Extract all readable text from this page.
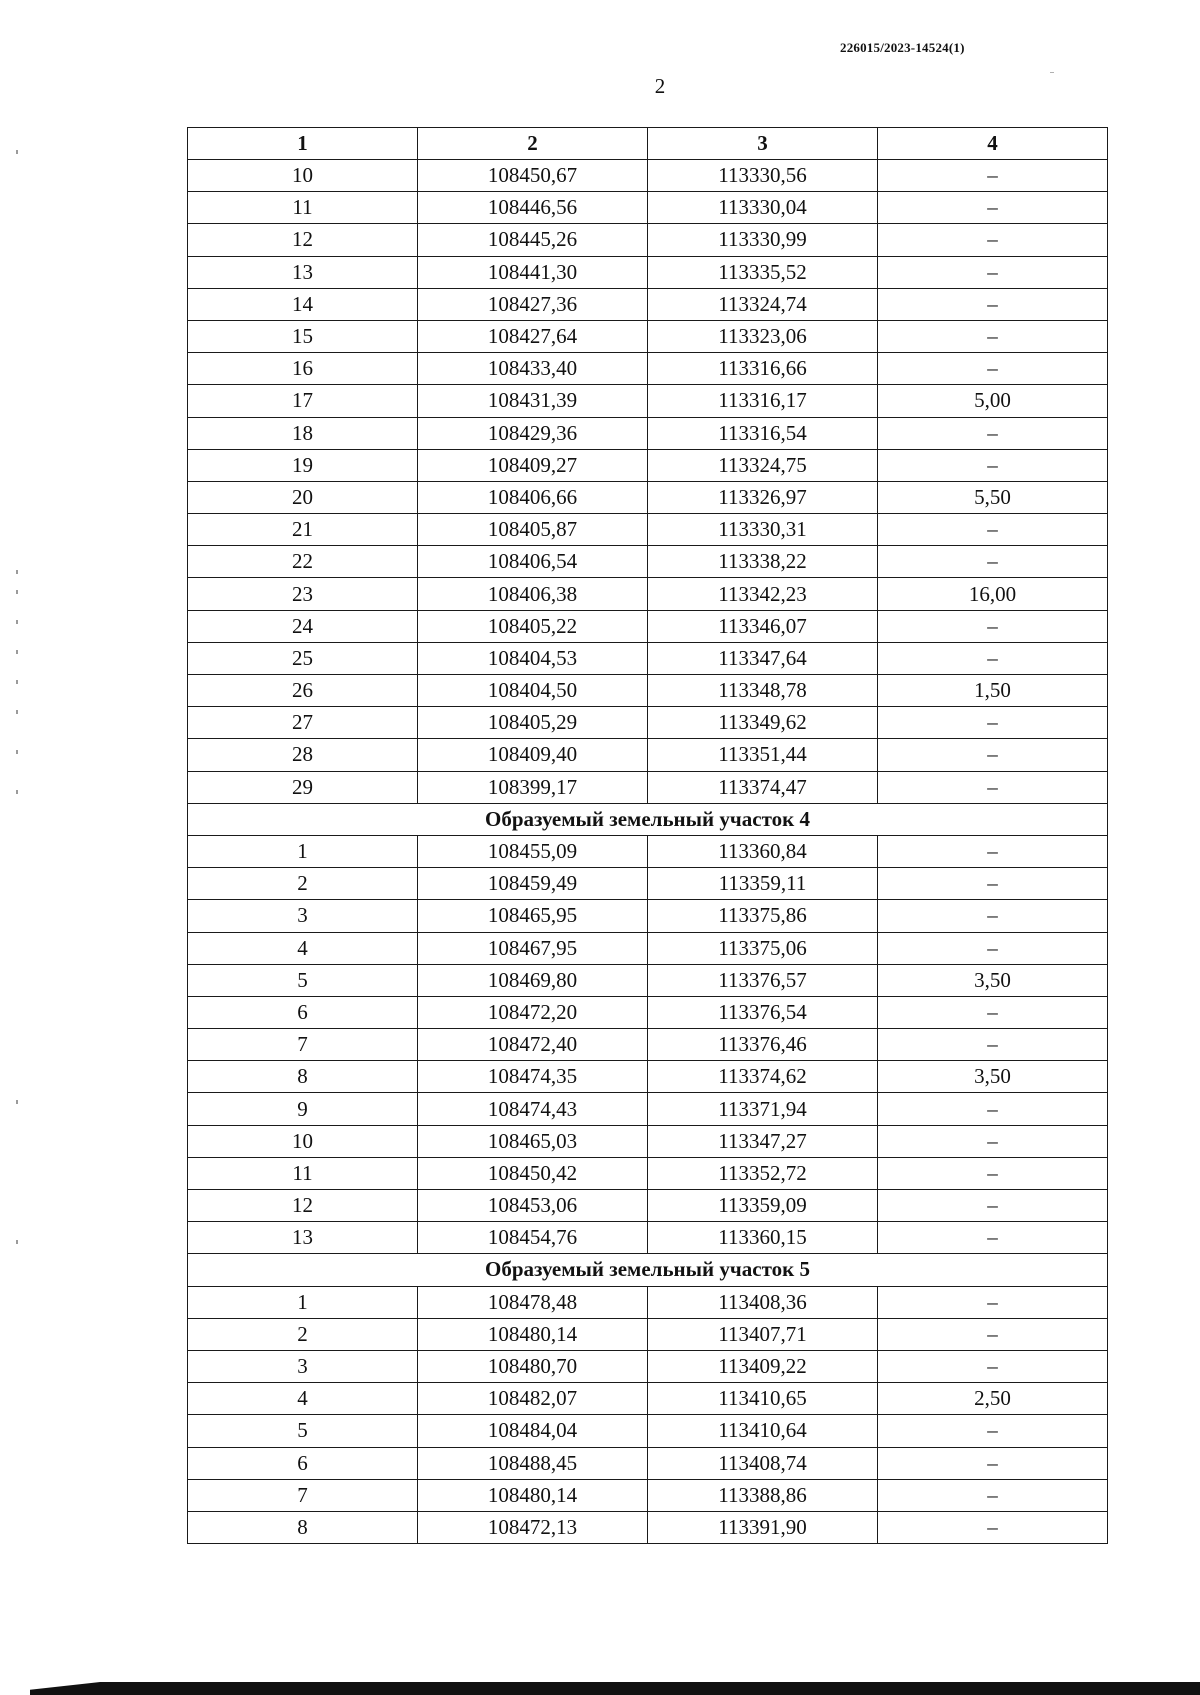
226015/2023-14524(1)
2
1	2	3	4
10	108450,67	113330,56	–
11	108446,56	113330,04	–
12	108445,26	113330,99	–
13	108441,30	113335,52	–
14	108427,36	113324,74	–
15	108427,64	113323,06	–
16	108433,40	113316,66	–
17	108431,39	113316,17	5,00
18	108429,36	113316,54	–
19	108409,27	113324,75	–
20	108406,66	113326,97	5,50
21	108405,87	113330,31	–
22	108406,54	113338,22	–
23	108406,38	113342,23	16,00
24	108405,22	113346,07	–
25	108404,53	113347,64	–
26	108404,50	113348,78	1,50
27	108405,29	113349,62	–
28	108409,40	113351,44	–
29	108399,17	113374,47	–
Образуемый земельный участок 4			
1	108455,09	113360,84	–
2	108459,49	113359,11	–
3	108465,95	113375,86	–
4	108467,95	113375,06	–
5	108469,80	113376,57	3,50
6	108472,20	113376,54	–
7	108472,40	113376,46	–
8	108474,35	113374,62	3,50
9	108474,43	113371,94	–
10	108465,03	113347,27	–
11	108450,42	113352,72	–
12	108453,06	113359,09	–
13	108454,76	113360,15	–
Образуемый земельный участок 5			
1	108478,48	113408,36	–
2	108480,14	113407,71	–
3	108480,70	113409,22	–
4	108482,07	113410,65	2,50
5	108484,04	113410,64	–
6	108488,45	113408,74	–
7	108480,14	113388,86	–
8	108472,13	113391,90	–
